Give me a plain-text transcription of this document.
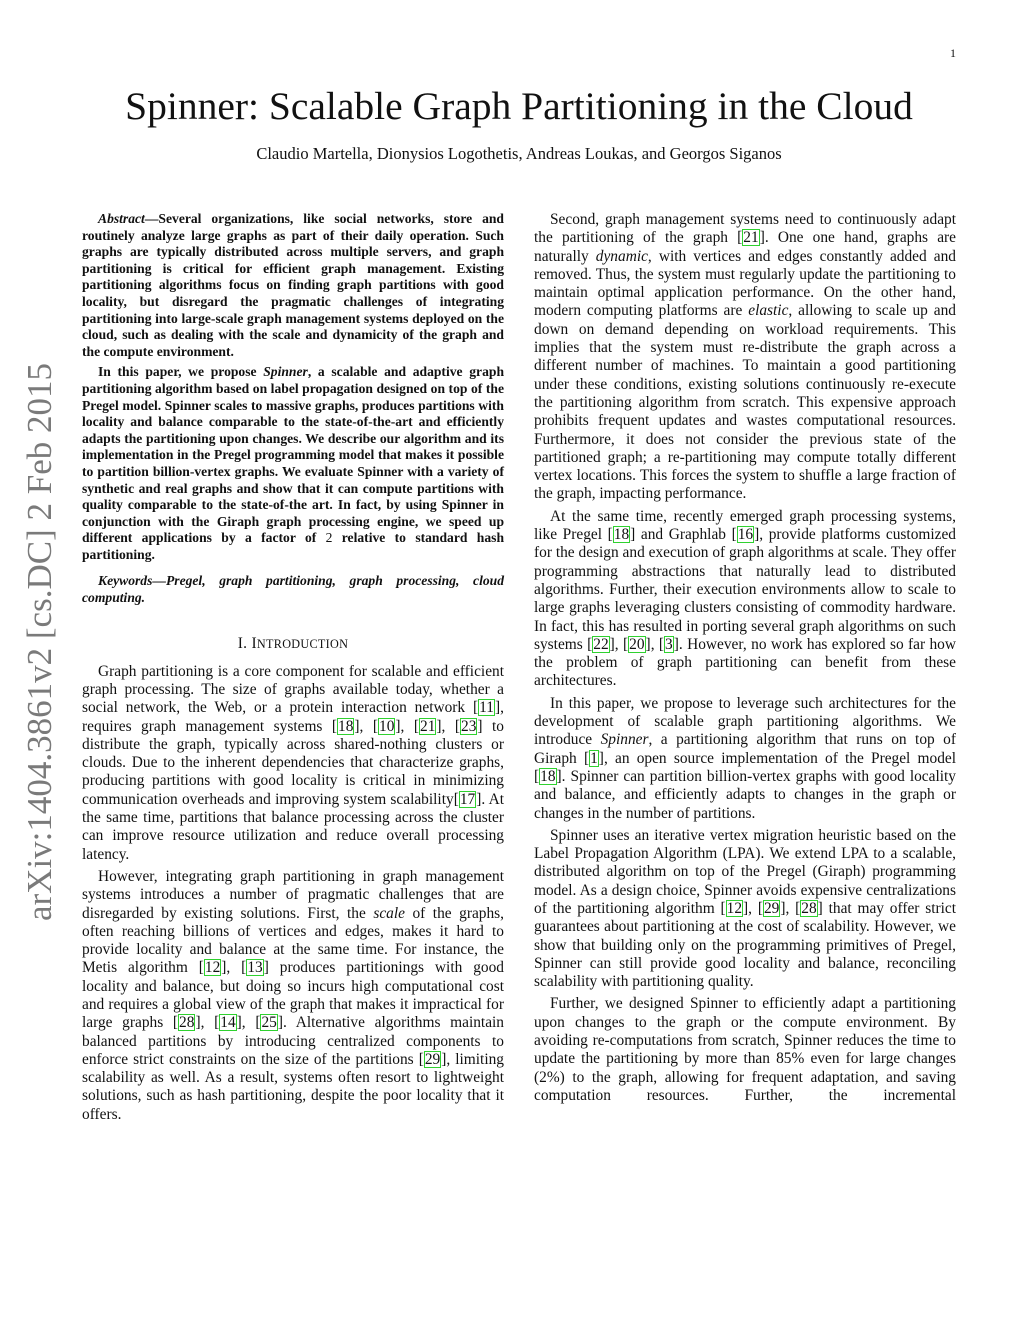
1
arXiv:1404.3861v2 [cs.DC] 2 Feb 2015
Spinner: Scalable Graph Partitioning in the Cloud
Claudio Martella, Dionysios Logothetis, Andreas Loukas, and Georgos Siganos

Abstract—Several organizations, like social networks, store and routinely analyze large graphs as part of their daily operation. Such graphs are typically distributed across multiple servers, and graph partitioning is critical for efficient graph management. Existing partitioning algorithms focus on finding graph partitions with good locality, but disregard the pragmatic challenges of integrating partitioning into large-scale graph management systems deployed on the cloud, such as dealing with the scale and dynamicity of the graph and the compute environment.

In this paper, we propose Spinner, a scalable and adaptive graph partitioning algorithm based on label propagation designed on top of the Pregel model. Spinner scales to massive graphs, produces partitions with locality and balance comparable to the state-of-the-art and efficiently adapts the partitioning upon changes. We describe our algorithm and its implementation in the Pregel programming model that makes it possible to partition billion-vertex graphs. We evaluate Spinner with a variety of synthetic and real graphs and show that it can compute partitions with quality comparable to the state-of-the art. In fact, by using Spinner in conjunction with the Giraph graph processing engine, we speed up different applications by a factor of 2 relative to standard hash partitioning.

Keywords—Pregel, graph partitioning, graph processing, cloud computing.

I. INTRODUCTION

Graph partitioning is a core component for scalable and efficient graph processing. The size of graphs available today, whether a social network, the Web, or a protein interaction network [11], requires graph management systems [18], [10], [21], [23] to distribute the graph, typically across shared-nothing clusters or clouds. Due to the inherent dependencies that characterize graphs, producing partitions with good locality is critical in minimizing communication overheads and improving system scalability[17]. At the same time, partitions that balance processing across the cluster can improve resource utilization and reduce overall processing latency.

However, integrating graph partitioning in graph management systems introduces a number of pragmatic challenges that are disregarded by existing solutions. First, the scale of the graphs, often reaching billions of vertices and edges, makes it hard to provide locality and balance at the same time. For instance, the Metis algorithm [12], [13] produces partitionings with good locality and balance, but doing so incurs high computational cost and requires a global view of the graph that makes it impractical for large graphs [28], [14], [25]. Alternative algorithms maintain balanced partitions by introducing centralized components to enforce strict constraints on the size of the partitions [29], limiting scalability as well. As a result, systems often resort to lightweight solutions, such as hash partitioning, despite the poor locality that it offers.

Second, graph management systems need to continuously adapt the partitioning of the graph [21]. One one hand, graphs are naturally dynamic, with vertices and edges constantly added and removed. Thus, the system must regularly update the partitioning to maintain optimal application performance. On the other hand, modern computing platforms are elastic, allowing to scale up and down on demand depending on workload requirements. This implies that the system must re-distribute the graph across a different number of machines. To maintain a good partitioning under these conditions, existing solutions continuously re-execute the partitioning algorithm from scratch. This expensive approach prohibits frequent updates and wastes computational resources. Furthermore, it does not consider the previous state of the partitioned graph; a re-partitioning may compute totally different vertex locations. This forces the system to shuffle a large fraction of the graph, impacting performance.

At the same time, recently emerged graph processing systems, like Pregel [18] and Graphlab [16], provide platforms customized for the design and execution of graph algorithms at scale. They offer programming abstractions that naturally lead to distributed algorithms. Further, their execution environments allow to scale to large graphs leveraging clusters consisting of commodity hardware. In fact, this has resulted in porting several graph algorithms on such systems [22], [20], [3]. However, no work has explored so far how the problem of graph partitioning can benefit from these architectures.

In this paper, we propose to leverage such architectures for the development of scalable graph partitioning algorithms. We introduce Spinner, a partitioning algorithm that runs on top of Giraph [1], an open source implementation of the Pregel model [18]. Spinner can partition billion-vertex graphs with good locality and balance, and efficiently adapts to changes in the graph or changes in the number of partitions.

Spinner uses an iterative vertex migration heuristic based on the Label Propagation Algorithm (LPA). We extend LPA to a scalable, distributed algorithm on top of the Pregel (Giraph) programming model. As a design choice, Spinner avoids expensive centralizations of the partitioning algorithm [12], [29], [28] that may offer strict guarantees about partitioning at the cost of scalability. However, we show that building only on the programming primitives of Pregel, Spinner can still provide good locality and balance, reconciling scalability with partitioning quality.

Further, we designed Spinner to efficiently adapt a partitioning upon changes to the graph or the compute environment. By avoiding re-computations from scratch, Spinner reduces the time to update the partitioning by more than 85% even for large changes (2%) to the graph, allowing for frequent adaptation, and saving computation resources. Further, the incremental
